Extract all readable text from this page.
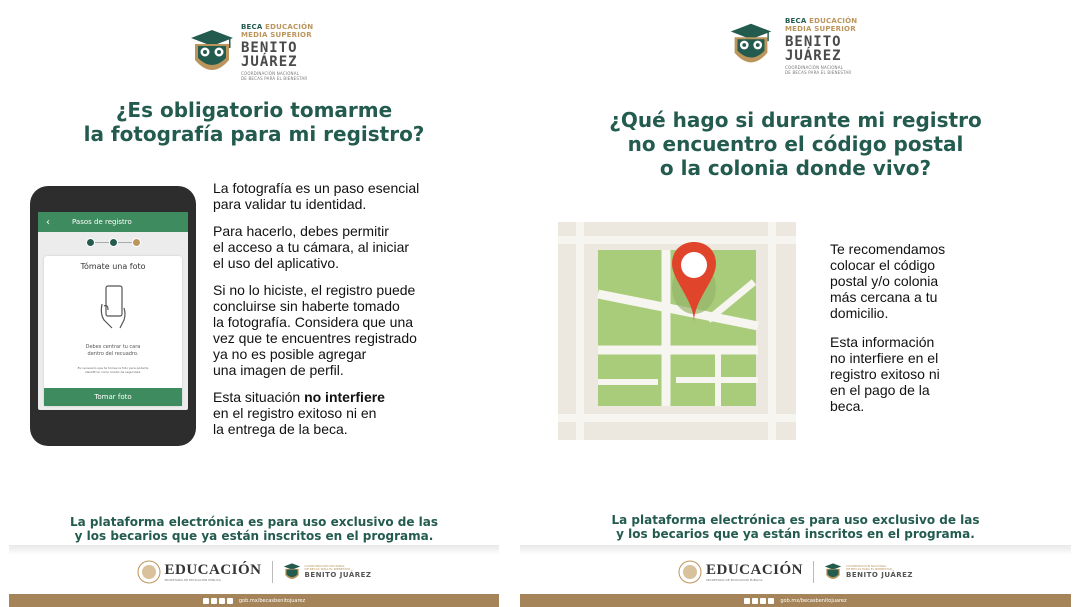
BECA EDUCACIÓN
MEDIA SUPERIOR
BENITO
JUÁREZ
COORDINACIÓN NACIONAL
DE BECAS PARA EL BIENESTAR
¿Es obligatorio tomarme
la fotografía para mi registro?
‹	Pasos de registro
Tómate una foto
Debes centrar tu cara
dentro del recuadro.
Es necesario que te tomes la foto para poderte
identificar como medio de seguridad.
Tomar foto

La fotografía es un paso esencial
para validar tu identidad.

Para hacerlo, debes permitir
el acceso a tu cámara, al iniciar
el uso del aplicativo.

Si no lo hiciste, el registro puede
concluirse sin haberte tomado
la fotografía. Considera que una
vez que te encuentres registrado
ya no es posible agregar
una imagen de perfil.

Esta situación no interfiere
en el registro exitoso ni en
la entrega de la beca.

La plataforma electrónica es para uso exclusivo de las
y los becarios que ya están inscritos en el programa.
EDUCACIÓN
SECRETARÍA DE EDUCACIÓN PÚBLICA
COORDINACIÓN NACIONAL
DE BECAS PARA EL BIENESTAR
BENITO JUÁREZ
gob.mx/becasbenitojuarez
BECA EDUCACIÓN
MEDIA SUPERIOR
BENITO
JUÁREZ
COORDINACIÓN NACIONAL
DE BECAS PARA EL BIENESTAR
¿Qué hago si durante mi registro
no encuentro el código postal
o la colonia donde vivo?

Te recomendamos
colocar el código
postal y/o colonia
más cercana a tu
domicilio.

Esta información
no interfiere en el
registro exitoso ni
en el pago de la
beca.

La plataforma electrónica es para uso exclusivo de las
y los becarios que ya están inscritos en el programa.
EDUCACIÓN
SECRETARÍA DE EDUCACIÓN PÚBLICA
COORDINACIÓN NACIONAL
DE BECAS PARA EL BIENESTAR
BENITO JUÁREZ
gob.mx/becasbenitojuarez
